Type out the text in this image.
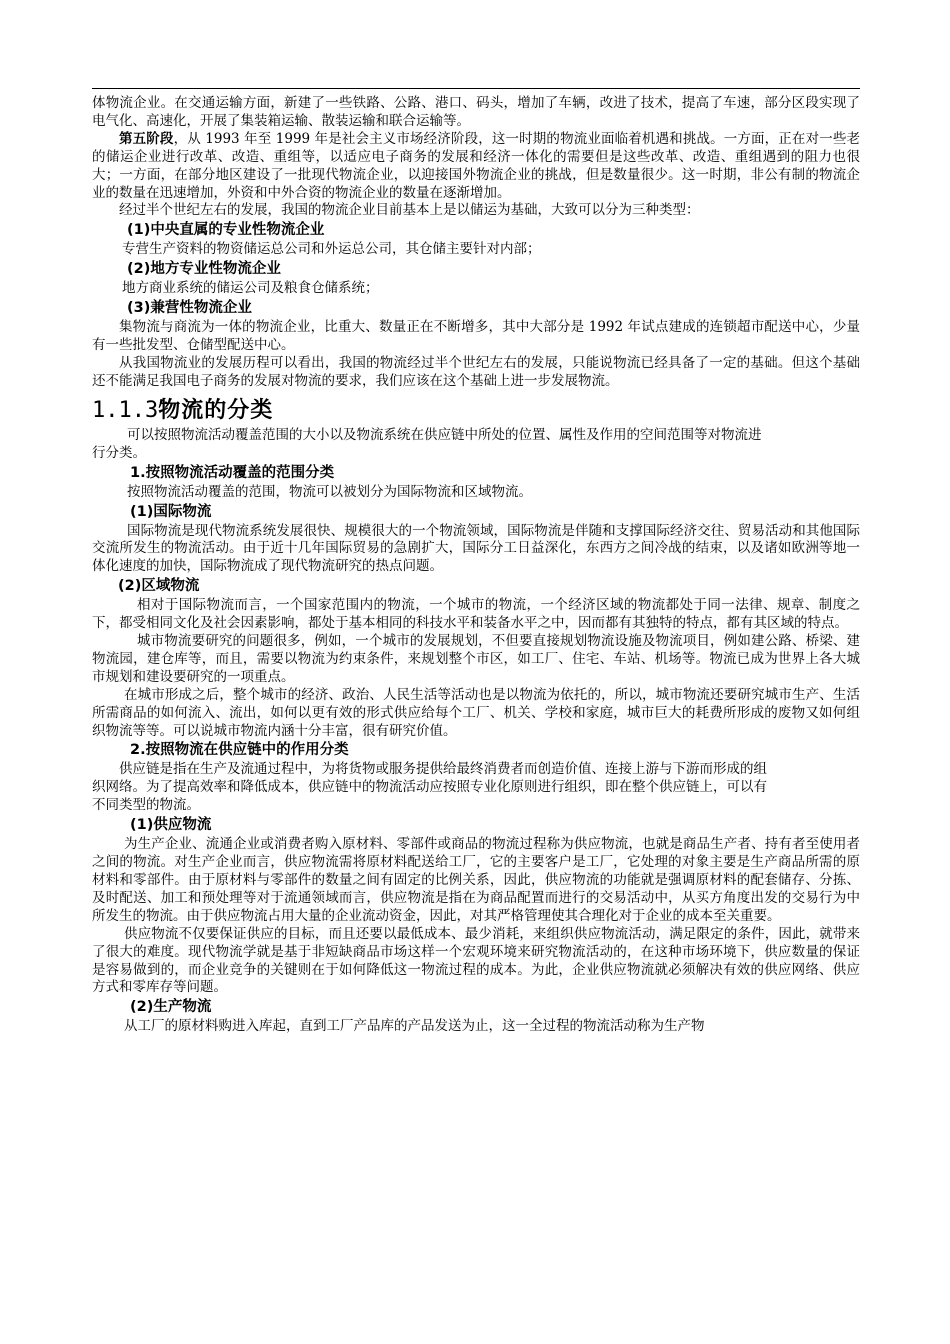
体物流企业。在交通运输方面，新建了一些铁路、公路、港口、码头，增加了车辆，改进了技术，提高了车速，部分区段实现了电气化、高速化，开展了集装箱运输、散装运输和联合运输等。

第五阶段，从 1993 年至 1999 年是社会主义市场经济阶段，这一时期的物流业面临着机遇和挑战。一方面，正在对一些老的储运企业进行改革、改造、重组等，以适应电子商务的发展和经济一体化的需要但是这些改革、改造、重组遇到的阻力也很大；一方面，在部分地区建设了一批现代物流企业，以迎接国外物流企业的挑战，但是数量很少。这一时期，非公有制的物流企业的数量在迅速增加，外资和中外合资的物流企业的数量在逐渐增加。

经过半个世纪左右的发展，我国的物流企业目前基本上是以储运为基础，大致可以分为三种类型：

(1)中央直属的专业性物流企业

专营生产资料的物资储运总公司和外运总公司，其仓储主要针对内部；

(2)地方专业性物流企业

地方商业系统的储运公司及粮食仓储系统；

(3)兼营性物流企业

集物流与商流为一体的物流企业，比重大、数量正在不断增多，其中大部分是 1992 年试点建成的连锁超市配送中心，少量有一些批发型、仓储型配送中心。

从我国物流业的发展历程可以看出，我国的物流经过半个世纪左右的发展，只能说物流已经具备了一定的基础。但这个基础还不能满足我国电子商务的发展对物流的要求，我们应该在这个基础上进一步发展物流。

1.1.3物流的分类

可以按照物流活动覆盖范围的大小以及物流系统在供应链中所处的位置、属性及作用的空间范围等对物流进行分类。

1.按照物流活动覆盖的范围分类

按照物流活动覆盖的范围，物流可以被划分为国际物流和区域物流。

(1)国际物流

国际物流是现代物流系统发展很快、规模很大的一个物流领域，国际物流是伴随和支撑国际经济交往、贸易活动和其他国际交流所发生的物流活动。由于近十几年国际贸易的急剧扩大，国际分工日益深化，东西方之间冷战的结束，以及诸如欧洲等地一体化速度的加快，国际物流成了现代物流研究的热点问题。

(2)区域物流

相对于国际物流而言，一个国家范围内的物流，一个城市的物流，一个经济区域的物流都处于同一法律、规章、制度之下，都受相同文化及社会因素影响，都处于基本相同的科技水平和装备水平之中，因而都有其独特的特点，都有其区域的特点。

城市物流要研究的问题很多，例如，一个城市的发展规划，不但要直接规划物流设施及物流项目，例如建公路、桥梁、建物流园，建仓库等，而且，需要以物流为约束条件，来规划整个市区，如工厂、住宅、车站、机场等。物流已成为世界上各大城市规划和建设要研究的一项重点。

在城市形成之后，整个城市的经济、政治、人民生活等活动也是以物流为依托的，所以，城市物流还要研究城市生产、生活所需商品的如何流入、流出，如何以更有效的形式供应给每个工厂、机关、学校和家庭，城市巨大的耗费所形成的废物又如何组织物流等等。可以说城市物流内涵十分丰富，很有研究价值。

2.按照物流在供应链中的作用分类

供应链是指在生产及流通过程中，为将货物或服务提供给最终消费者而创造价值、连接上游与下游而形成的组织网络。为了提高效率和降低成本，供应链中的物流活动应按照专业化原则进行组织，即在整个供应链上，可以有不同类型的物流。

(1)供应物流

为生产企业、流通企业或消费者购入原材料、零部件或商品的物流过程称为供应物流，也就是商品生产者、持有者至使用者之间的物流。对生产企业而言，供应物流需将原材料配送给工厂，它的主要客户是工厂，它处理的对象主要是生产商品所需的原材料和零部件。由于原材料与零部件的数量之间有固定的比例关系，因此，供应物流的功能就是强调原材料的配套储存、分拣、及时配送、加工和预处理等对于流通领域而言，供应物流是指在为商品配置而进行的交易活动中，从买方角度出发的交易行为中所发生的物流。由于供应物流占用大量的企业流动资金，因此，对其严格管理使其合理化对于企业的成本至关重要。

供应物流不仅要保证供应的目标，而且还要以最低成本、最少消耗，来组织供应物流活动，满足限定的条件，因此，就带来了很大的难度。现代物流学就是基于非短缺商品市场这样一个宏观环境来研究物流活动的，在这种市场环境下，供应数量的保证是容易做到的，而企业竞争的关键则在于如何降低这一物流过程的成本。为此，企业供应物流就必须解决有效的供应网络、供应方式和零库存等问题。

(2)生产物流

从工厂的原材料购进入库起，直到工厂产品库的产品发送为止，这一全过程的物流活动称为生产物
